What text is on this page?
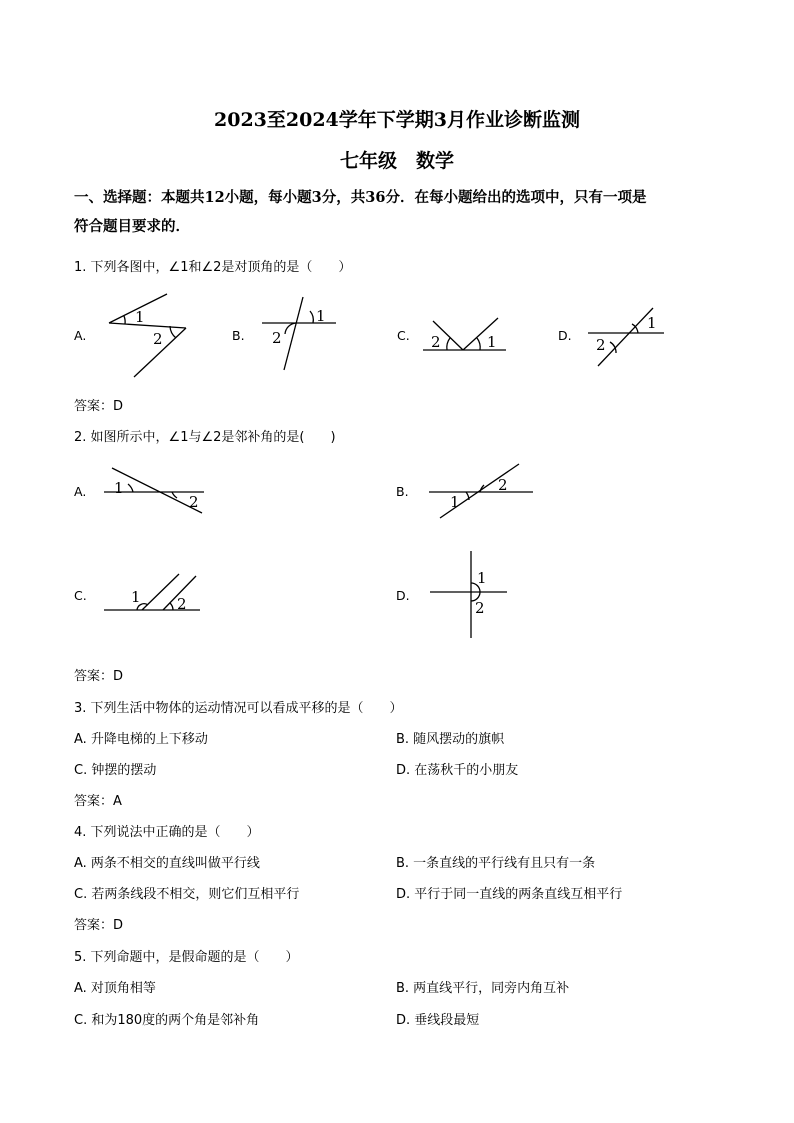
2023至2024学年下学期3月作业诊断监测
七年级　数学
一、选择题：本题共12小题，每小题3分，共36分．在每小题给出的选项中，只有一项是
符合题目要求的．
1. 下列各图中，∠1和∠2是对顶角的是（　　）
A.	B.	C.	D.
1
2
1
2	2	1
1
2
1
2	1
2
1 2
1
2
答案：D
2. 如图所示中，∠1与∠2是邻补角的是(　　)
A.	B.
C.	D.
答案：D
3. 下列生活中物体的运动情况可以看成平移的是（　　）
A. 升降电梯的上下移动	B. 随风摆动的旗帜
C. 钟摆的摆动	D. 在荡秋千的小朋友
答案：A
4. 下列说法中正确的是（　　）
A. 两条不相交的直线叫做平行线	B. 一条直线的平行线有且只有一条
C. 若两条线段不相交，则它们互相平行	D. 平行于同一直线的两条直线互相平行
答案：D
5. 下列命题中，是假命题的是（　　）
A. 对顶角相等	B. 两直线平行，同旁内角互补
C. 和为180度的两个角是邻补角	D. 垂线段最短
